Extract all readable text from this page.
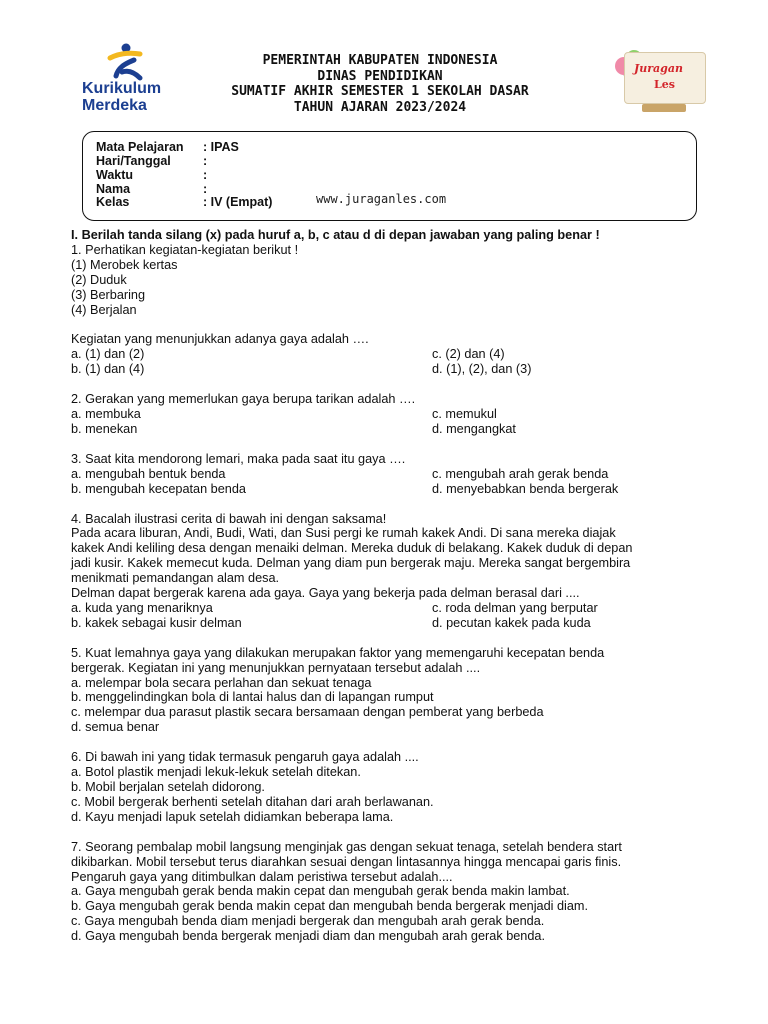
Kurikulum
Merdeka
PEMERINTAH KABUPATEN INDONESIA
DINAS PENDIDIKAN
SUMATIF AKHIR SEMESTER 1 SEKOLAH DASAR
TAHUN AJARAN 2023/2024
Juragan
Les
Mata Pelajaran : IPAS
Hari/Tanggal	:
Waktu	:
Nama	:
Kelas	: IV (Empat)	www.juraganles.com
I. Berilah tanda silang (x) pada huruf a, b, c atau d di depan jawaban yang paling benar !
1. Perhatikan kegiatan-kegiatan berikut !
(1) Merobek kertas
(2) Duduk
(3) Berbaring
(4) Berjalan
Kegiatan yang menunjukkan adanya gaya adalah ….
a. (1) dan (2)	c. (2) dan (4)
b. (1) dan (4)	d. (1), (2), dan (3)
2. Gerakan yang memerlukan gaya berupa tarikan adalah ….
a. membuka	c. memukul
b. menekan	d. mengangkat
3. Saat kita mendorong lemari, maka pada saat itu gaya ….
a. mengubah bentuk benda	c. mengubah arah gerak benda
b. mengubah kecepatan benda	d. menyebabkan benda bergerak
4. Bacalah ilustrasi cerita di bawah ini dengan saksama!
Pada acara liburan, Andi, Budi, Wati, dan Susi pergi ke rumah kakek Andi. Di sana mereka diajak
kakek Andi keliling desa dengan menaiki delman. Mereka duduk di belakang. Kakek duduk di depan
jadi kusir. Kakek memecut kuda. Delman yang diam pun bergerak maju. Mereka sangat bergembira
menikmati pemandangan alam desa.
Delman dapat bergerak karena ada gaya. Gaya yang bekerja pada delman berasal dari ....
a. kuda yang menariknya	c. roda delman yang berputar
b. kakek sebagai kusir delman	d. pecutan kakek pada kuda
5. Kuat lemahnya gaya yang dilakukan merupakan faktor yang memengaruhi kecepatan benda
bergerak. Kegiatan ini yang menunjukkan pernyataan tersebut adalah ....
a. melempar bola secara perlahan dan sekuat tenaga
b. menggelindingkan bola di lantai halus dan di lapangan rumput
c. melempar dua parasut plastik secara bersamaan dengan pemberat yang berbeda
d. semua benar
6. Di bawah ini yang tidak termasuk pengaruh gaya adalah ....
a. Botol plastik menjadi lekuk-lekuk setelah ditekan.
b. Mobil berjalan setelah didorong.
c. Mobil bergerak berhenti setelah ditahan dari arah berlawanan.
d. Kayu menjadi lapuk setelah didiamkan beberapa lama.
7. Seorang pembalap mobil langsung menginjak gas dengan sekuat tenaga, setelah bendera start
dikibarkan. Mobil tersebut terus diarahkan sesuai dengan lintasannya hingga mencapai garis finis.
Pengaruh gaya yang ditimbulkan dalam peristiwa tersebut adalah....
a. Gaya mengubah gerak benda makin cepat dan mengubah gerak benda makin lambat.
b. Gaya mengubah gerak benda makin cepat dan mengubah benda bergerak menjadi diam.
c. Gaya mengubah benda diam menjadi bergerak dan mengubah arah gerak benda.
d. Gaya mengubah benda bergerak menjadi diam dan mengubah arah gerak benda.
